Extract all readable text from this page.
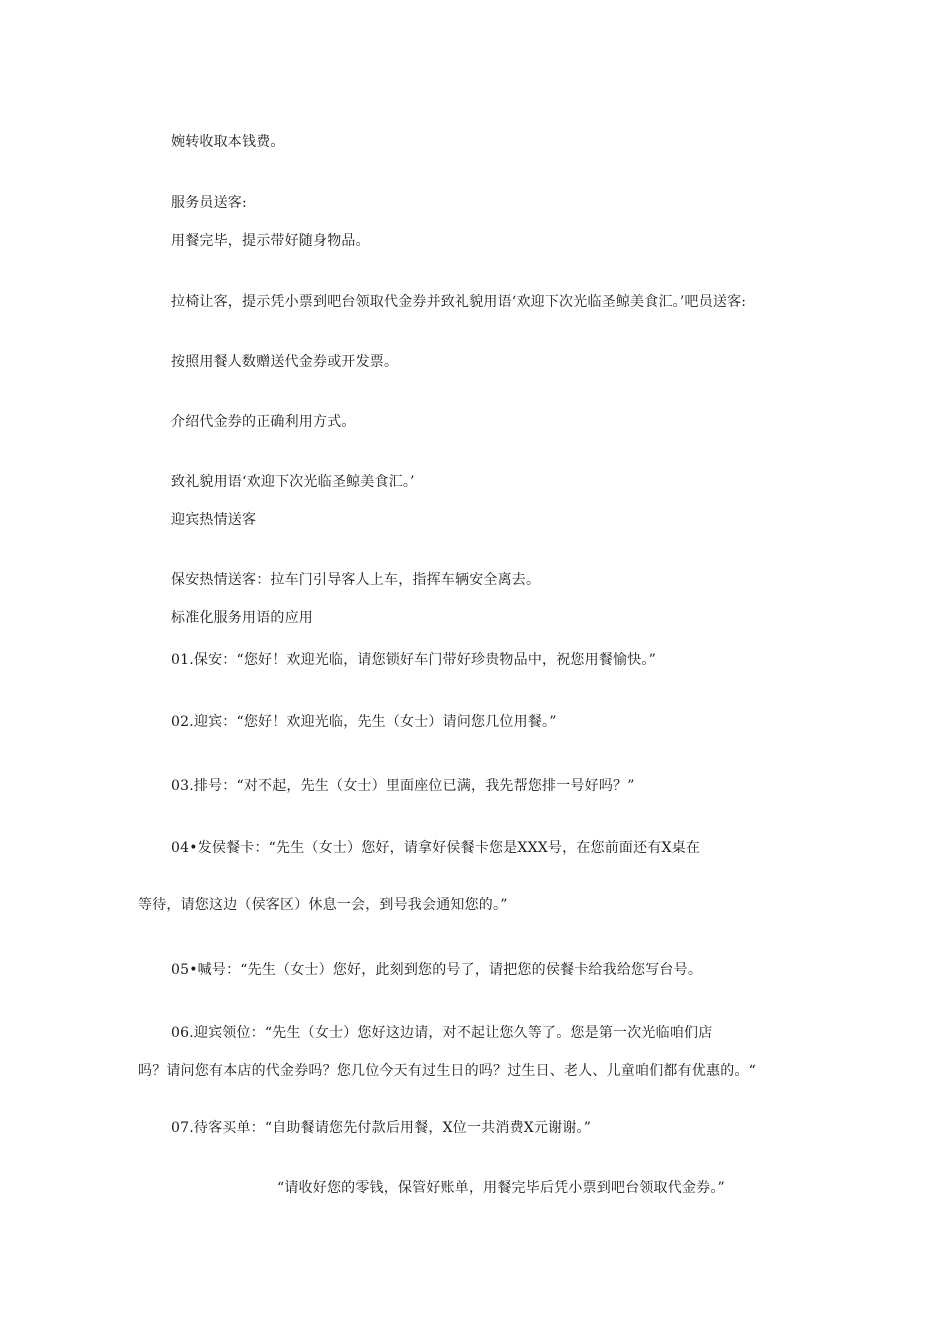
婉转收取本钱费。
服务员送客:
用餐完毕，提示带好随身物品。
拉椅让客，提示凭小票到吧台领取代金券并致礼貌用语‘欢迎下次光临圣鲸美食汇。’吧员送客:
按照用餐人数赠送代金券或开发票。
介绍代金券的正确利用方式。
致礼貌用语‘欢迎下次光临圣鲸美食汇。’
迎宾热情送客
保安热情送客：拉车门引导客人上车，指挥车辆安全离去。
标准化服务用语的应用
01.保安：“您好！欢迎光临，请您锁好车门带好珍贵物品中，祝您用餐愉快。”
02.迎宾：“您好！欢迎光临，先生（女士）请问您几位用餐。”
03.排号：“对不起，先生（女士）里面座位已满，我先帮您排一号好吗？”
04•发侯餐卡：“先生（女士）您好，请拿好侯餐卡您是XXX号，在您前面还有X桌在
等待，请您这边（侯客区）休息一会，到号我会通知您的。”
05•喊号：“先生（女士）您好，此刻到您的号了，请把您的侯餐卡给我给您写台号。
06.迎宾领位：“先生（女士）您好这边请，对不起让您久等了。您是第一次光临咱们店
吗？请问您有本店的代金券吗？您几位今天有过生日的吗？过生日、老人、儿童咱们都有优惠的。“
07.待客买单：“自助餐请您先付款后用餐，X位一共消费X元谢谢。”
“请收好您的零钱，保管好账单，用餐完毕后凭小票到吧台领取代金券。”
